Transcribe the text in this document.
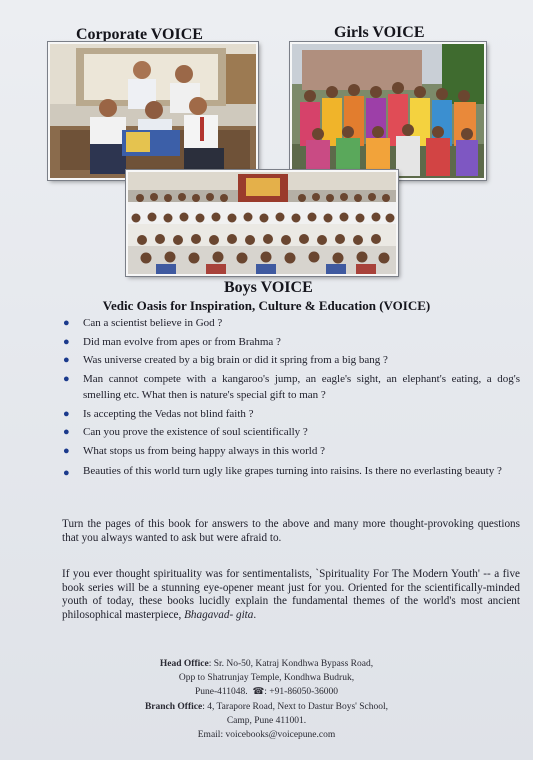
Corporate VOICE	Girls VOICE
Boys VOICE
Vedic Oasis for Inspiration, Culture & Education (VOICE)
● Can a scientist believe in God ?
● Did man evolve from apes or from Brahma ?
● Was universe created by a big brain or did it spring from a big bang ?
● Man cannot compete with a kangaroo's jump, an eagle's sight, an elephant's eating, a dog's smelling etc. What then is nature's special gift to man ?
● Is accepting the Vedas not blind faith ?
● Can you prove the existence of soul scientifically ?
● What stops us from being happy always in this world ?
● Beauties of this world turn ugly like grapes turning into raisins. Is there no everlasting beauty ?

Turn the pages of this book for answers to the above and many more thought-provoking questions that you always wanted to ask but were afraid to.

If you ever thought spirituality was for sentimentalists, `Spirituality For The Modern Youth' -- a five book series will be a stunning eye-opener meant just for you. Oriented for the scientifically-minded youth of today, these books lucidly explain the fundamental themes of the world's most ancient philosophical masterpiece, Bhagavad- gita.

Head Office: Sr. No-50, Katraj Kondhwa Bypass Road,
Opp to Shatrunjay Temple, Kondhwa Budruk,
Pune-411048. ☎: +91-86050-36000
Branch Office: 4, Tarapore Road, Next to Dastur Boys' School,
Camp, Pune 411001.
Email: voicebooks@voicepune.com
